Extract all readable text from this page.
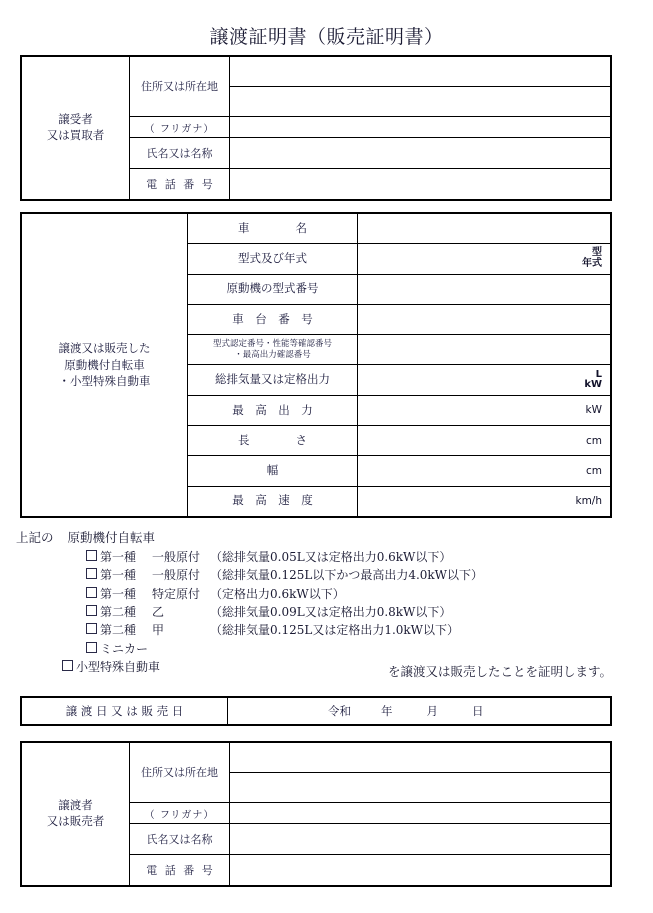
譲渡証明書（販売証明書）
譲受者
又は買取者
住所又は所在地
（ フリガナ）
氏名又は名称
電 話 番 号
譲渡又は販売した
原動機付自転車
・小型特殊自動車
車　　　　名
型式及び年式	型
年式
原動機の型式番号
車　台　番　号
型式認定番号・性能等確認番号
・最高出力確認番号
総排気量又は定格出力	L
kW
最　高　出　力	kW
長　　　　さ	cm
幅	cm
最　高　速　度	km/h
上記の 原動機付自転車
第一種	一般原付 （総排気量0.05L又は定格出力0.6kW以下）
第一種	一般原付 （総排気量0.125L以下かつ最高出力4.0kW以下）
第一種	特定原付 （定格出力0.6kW以下）
第二種	乙	（総排気量0.09L又は定格出力0.8kW以下）
第二種	甲	（総排気量0.125L又は定格出力1.0kW以下）
ミニカー
小型特殊自動車	を譲渡又は販売したことを証明します。
譲 渡 日 又 は 販 売 日	令和	年	月	日
譲渡者
又は販売者
住所又は所在地
（ フリガナ）
氏名又は名称
電 話 番 号
